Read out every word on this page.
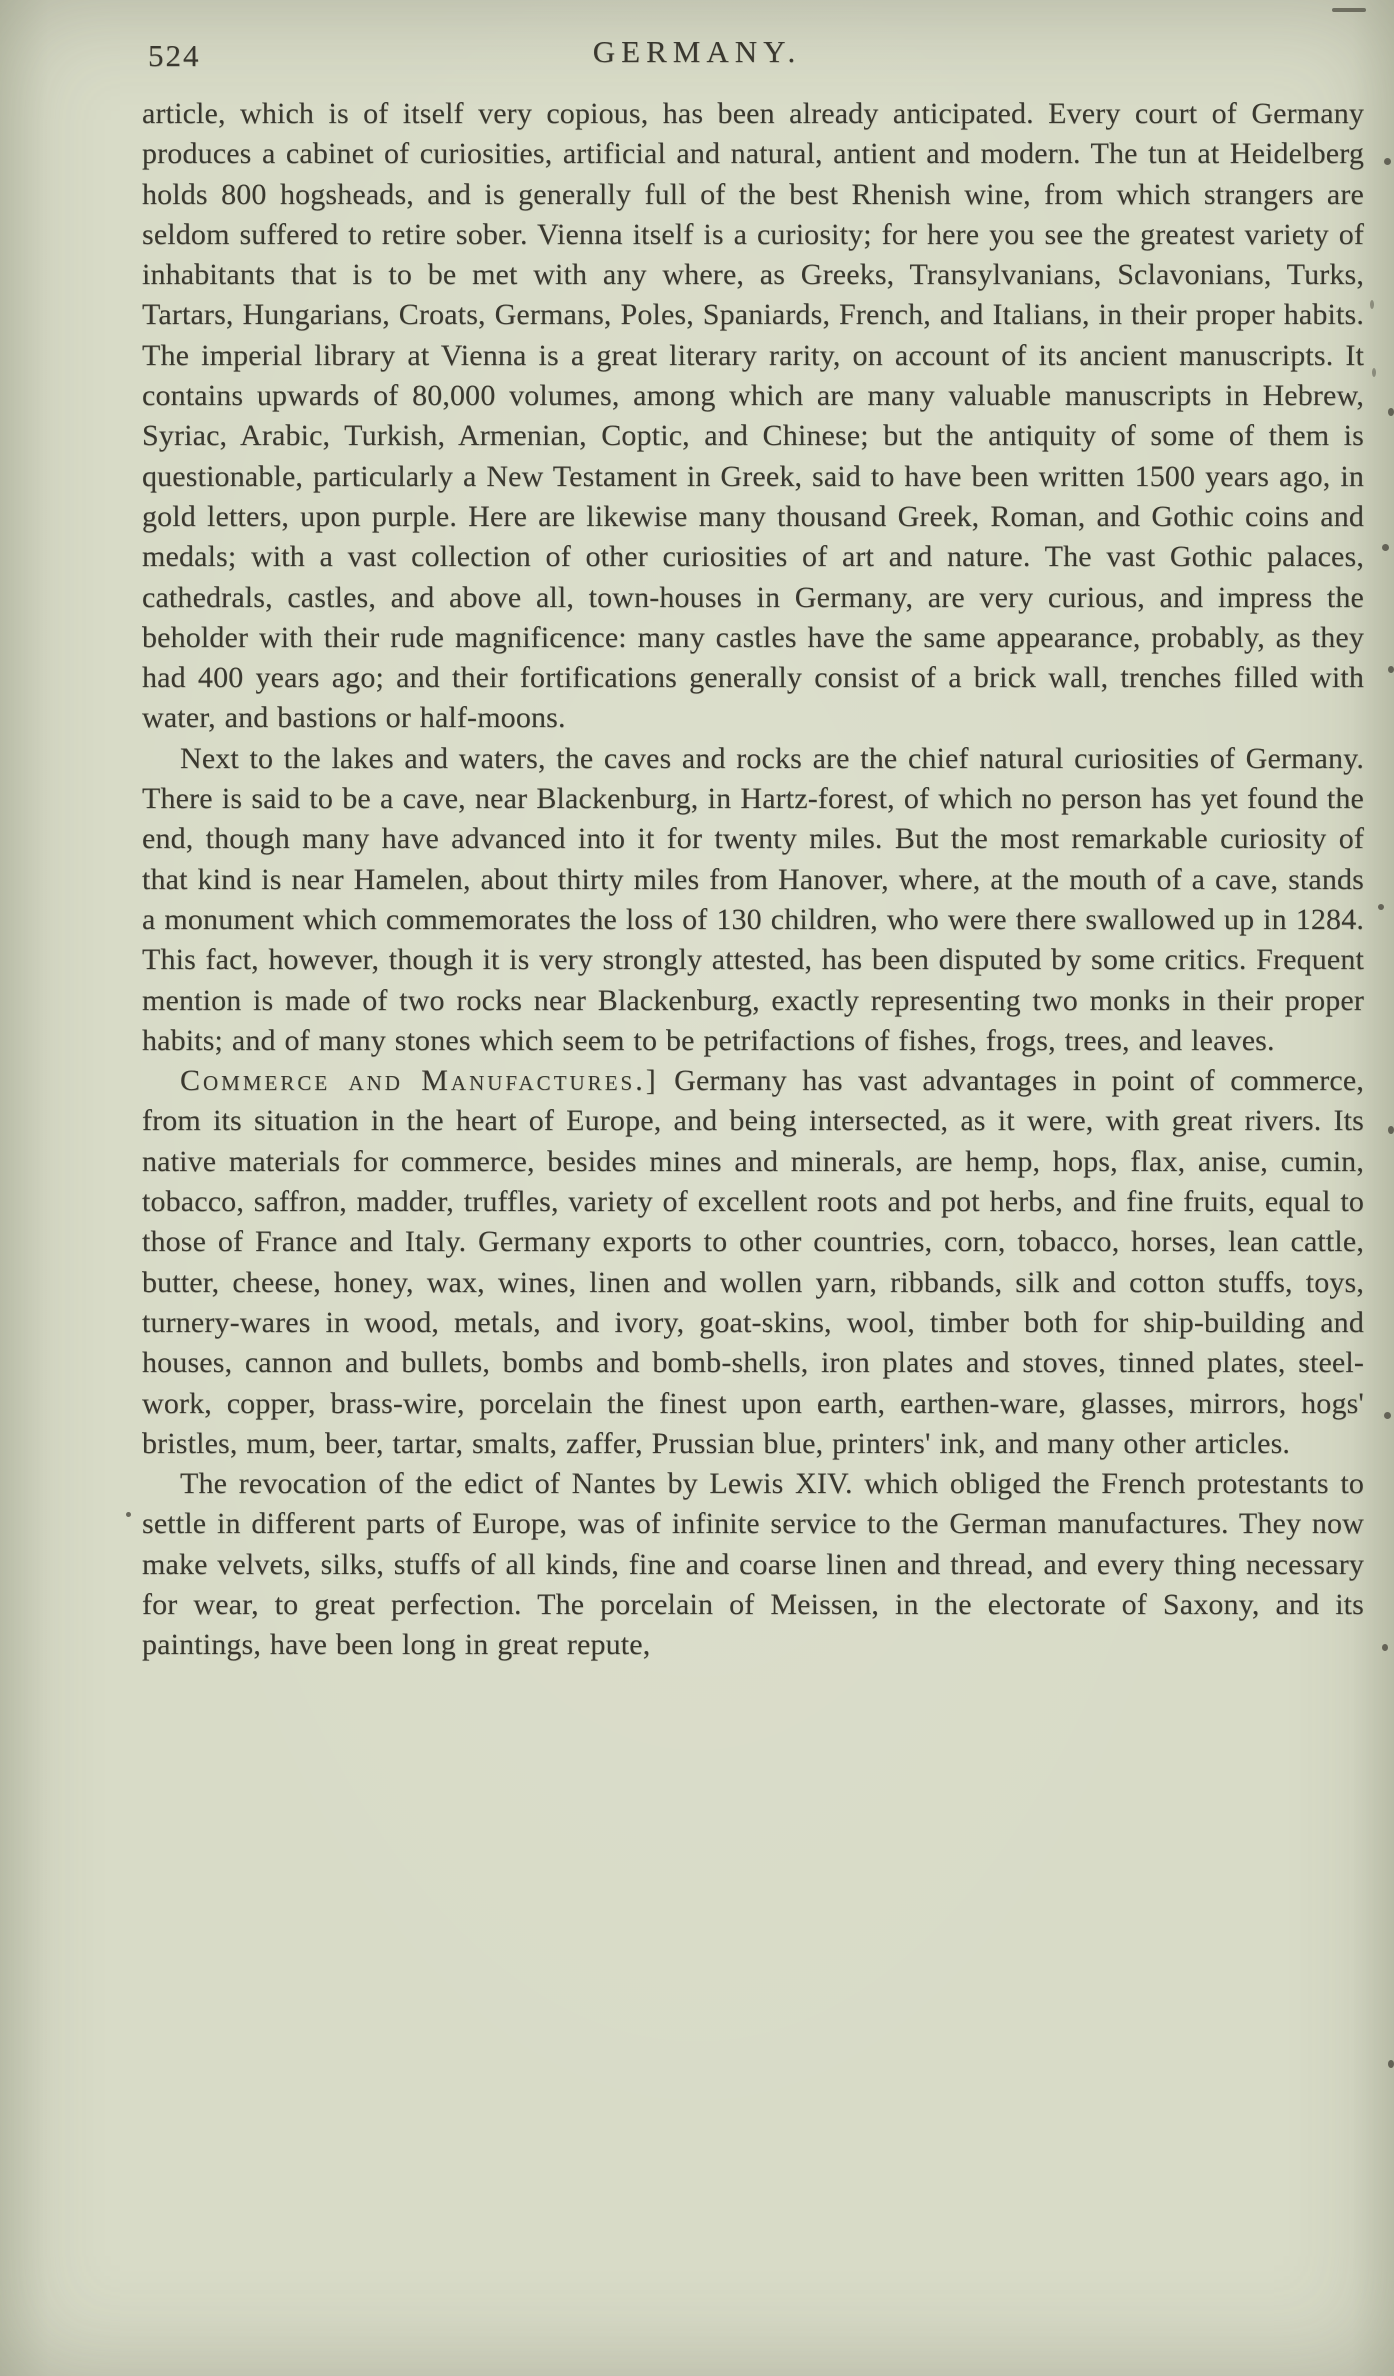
524	GERMANY.

article, which is of itself very copious, has been already anticipated. Every court of Germany produces a cabinet of curiosities, artificial and natural, antient and modern. The tun at Heidelberg holds 800 hogsheads, and is generally full of the best Rhenish wine, from which strangers are seldom suffered to retire sober. Vienna itself is a curiosity; for here you see the greatest variety of inhabitants that is to be met with any where, as Greeks, Transylvanians, Sclavonians, Turks, Tartars, Hungarians, Croats, Germans, Poles, Spaniards, French, and Italians, in their proper habits. The imperial library at Vienna is a great literary rarity, on account of its ancient manuscripts. It contains upwards of 80,000 volumes, among which are many valuable manuscripts in Hebrew, Syriac, Arabic, Turkish, Armenian, Coptic, and Chinese; but the antiquity of some of them is questionable, particularly a New Testament in Greek, said to have been written 1500 years ago, in gold letters, upon purple. Here are likewise many thousand Greek, Roman, and Gothic coins and medals; with a vast collection of other curiosities of art and nature. The vast Gothic palaces, cathedrals, castles, and above all, town-houses in Germany, are very curious, and impress the beholder with their rude magnificence: many castles have the same appearance, probably, as they had 400 years ago; and their fortifications generally consist of a brick wall, trenches filled with water, and bastions or half-moons.

Next to the lakes and waters, the caves and rocks are the chief natural curiosities of Germany. There is said to be a cave, near Blackenburg, in Hartz-forest, of which no person has yet found the end, though many have advanced into it for twenty miles. But the most remarkable curiosity of that kind is near Hamelen, about thirty miles from Hanover, where, at the mouth of a cave, stands a monument which commemorates the loss of 130 children, who were there swallowed up in 1284. This fact, however, though it is very strongly attested, has been disputed by some critics. Frequent mention is made of two rocks near Blackenburg, exactly representing two monks in their proper habits; and of many stones which seem to be petrifactions of fishes, frogs, trees, and leaves.

Commerce and Manufactures.] Germany has vast advantages in point of commerce, from its situation in the heart of Europe, and being intersected, as it were, with great rivers. Its native materials for commerce, besides mines and minerals, are hemp, hops, flax, anise, cumin, tobacco, saffron, madder, truffles, variety of excellent roots and pot herbs, and fine fruits, equal to those of France and Italy. Germany exports to other countries, corn, tobacco, horses, lean cattle, butter, cheese, honey, wax, wines, linen and wollen yarn, ribbands, silk and cotton stuffs, toys, turnery-wares in wood, metals, and ivory, goat-skins, wool, timber both for ship-building and houses, cannon and bullets, bombs and bomb-shells, iron plates and stoves, tinned plates, steel-work, copper, brass-wire, porcelain the finest upon earth, earthen-ware, glasses, mirrors, hogs' bristles, mum, beer, tartar, smalts, zaffer, Prussian blue, printers' ink, and many other articles.

The revocation of the edict of Nantes by Lewis XIV. which obliged the French protestants to settle in different parts of Europe, was of infinite service to the German manufactures. They now make velvets, silks, stuffs of all kinds, fine and coarse linen and thread, and every thing necessary for wear, to great perfection. The porcelain of Meissen, in the electorate of Saxony, and its paintings, have been long in great repute,
